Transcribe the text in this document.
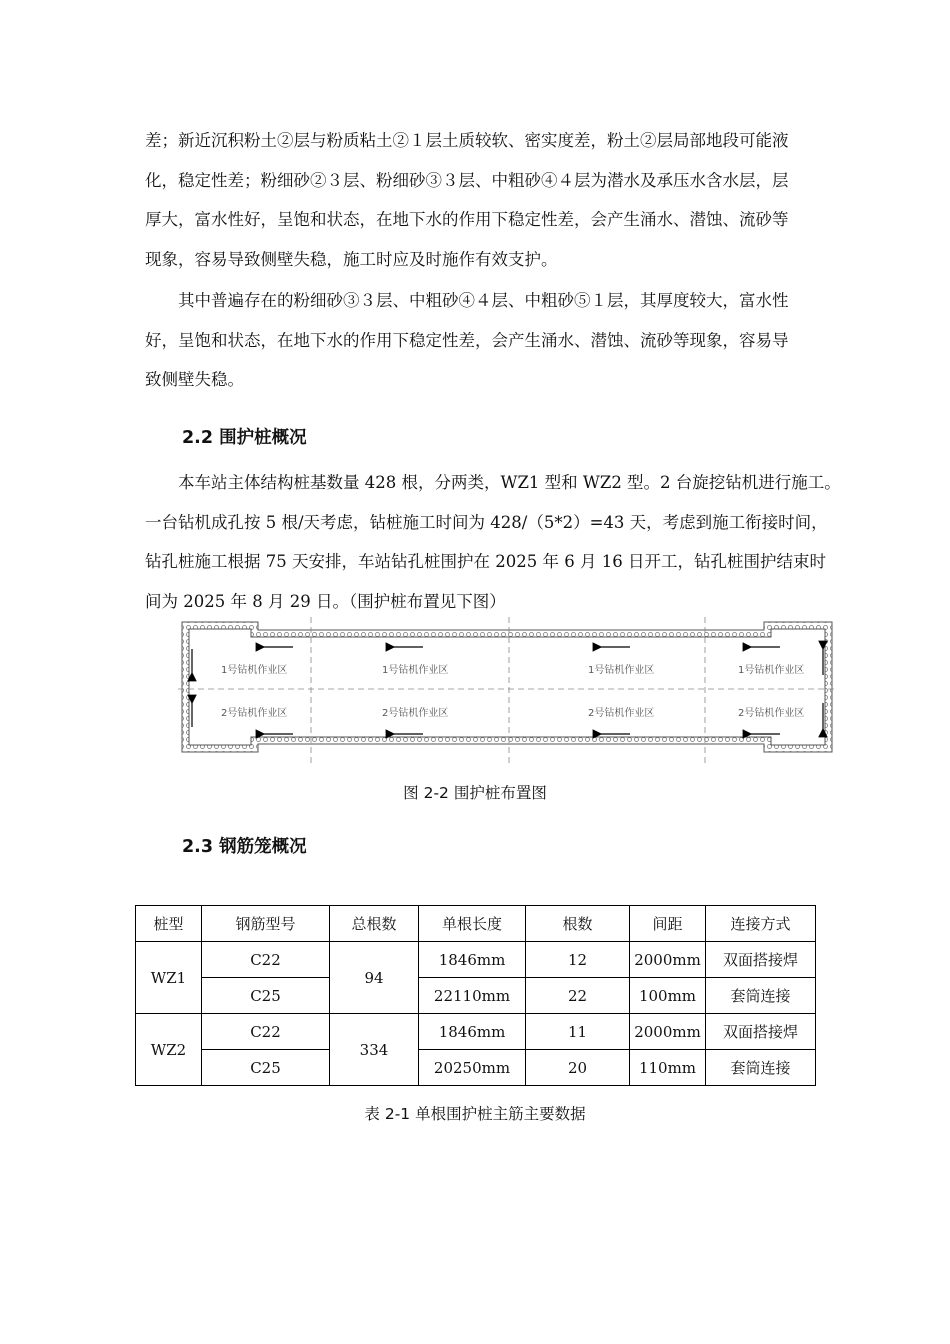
差；新近沉积粉土②层与粉质粘土②１层土质较软、密实度差，粉土②层局部地段可能液
化，稳定性差；粉细砂②３层、粉细砂③３层、中粗砂④４层为潜水及承压水含水层，层
厚大，富水性好，呈饱和状态，在地下水的作用下稳定性差，会产生涌水、潜蚀、流砂等
现象，容易导致侧壁失稳，施工时应及时施作有效支护。
其中普遍存在的粉细砂③３层、中粗砂④４层、中粗砂⑤１层，其厚度较大，富水性
好，呈饱和状态，在地下水的作用下稳定性差，会产生涌水、潜蚀、流砂等现象，容易导
致侧壁失稳。
2.2 围护桩概况
本车站主体结构桩基数量 428 根，分两类，WZ1 型和 WZ2 型。2 台旋挖钻机进行施工。
一台钻机成孔按 5 根/天考虑，钻桩施工时间为 428/（5*2）=43 天，考虑到施工衔接时间，
钻孔桩施工根据 75 天安排，车站钻孔桩围护在 2025 年 6 月 16 日开工，钻孔桩围护结束时
间为 2025 年 8 月 29 日。（围护桩布置见下图）
1号钻机作业区	1号钻机作业区	1号钻机作业区	1号钻机作业区
2号钻机作业区	2号钻机作业区	2号钻机作业区	2号钻机作业区

图 2-2 围护桩布置图

2.3 钢筋笼概况
桩型	钢筋型号	总根数	单根长度	根数	间距	连接方式
WZ1	C22	94	1846mm	12	2000mm	双面搭接焊
	C25		22110mm	22	100mm	套筒连接
WZ2	C22	334	1846mm	11	2000mm	双面搭接焊
	C25		20250mm	20	110mm	套筒连接

表 2-1 单根围护桩主筋主要数据
